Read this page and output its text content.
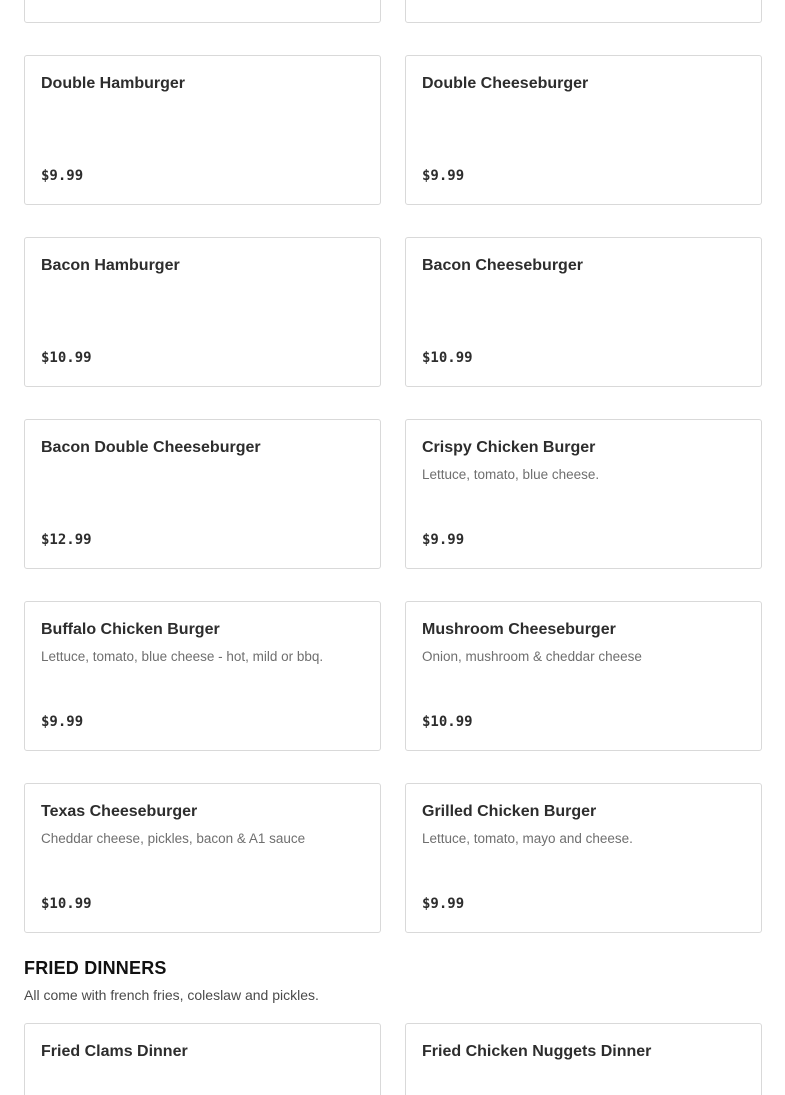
Double Hamburger
$9.99
Double Cheeseburger
$9.99
Bacon Hamburger
$10.99
Bacon Cheeseburger
$10.99
Bacon Double Cheeseburger
$12.99
Crispy Chicken Burger
Lettuce, tomato, blue cheese.
$9.99
Buffalo Chicken Burger
Lettuce, tomato, blue cheese - hot, mild or bbq.
$9.99
Mushroom Cheeseburger
Onion, mushroom & cheddar cheese
$10.99
Texas Cheeseburger
Cheddar cheese, pickles, bacon & A1 sauce
$10.99
Grilled Chicken Burger
Lettuce, tomato, mayo and cheese.
$9.99
FRIED DINNERS
All come with french fries, coleslaw and pickles.
Fried Clams Dinner	Fried Chicken Nuggets Dinner
